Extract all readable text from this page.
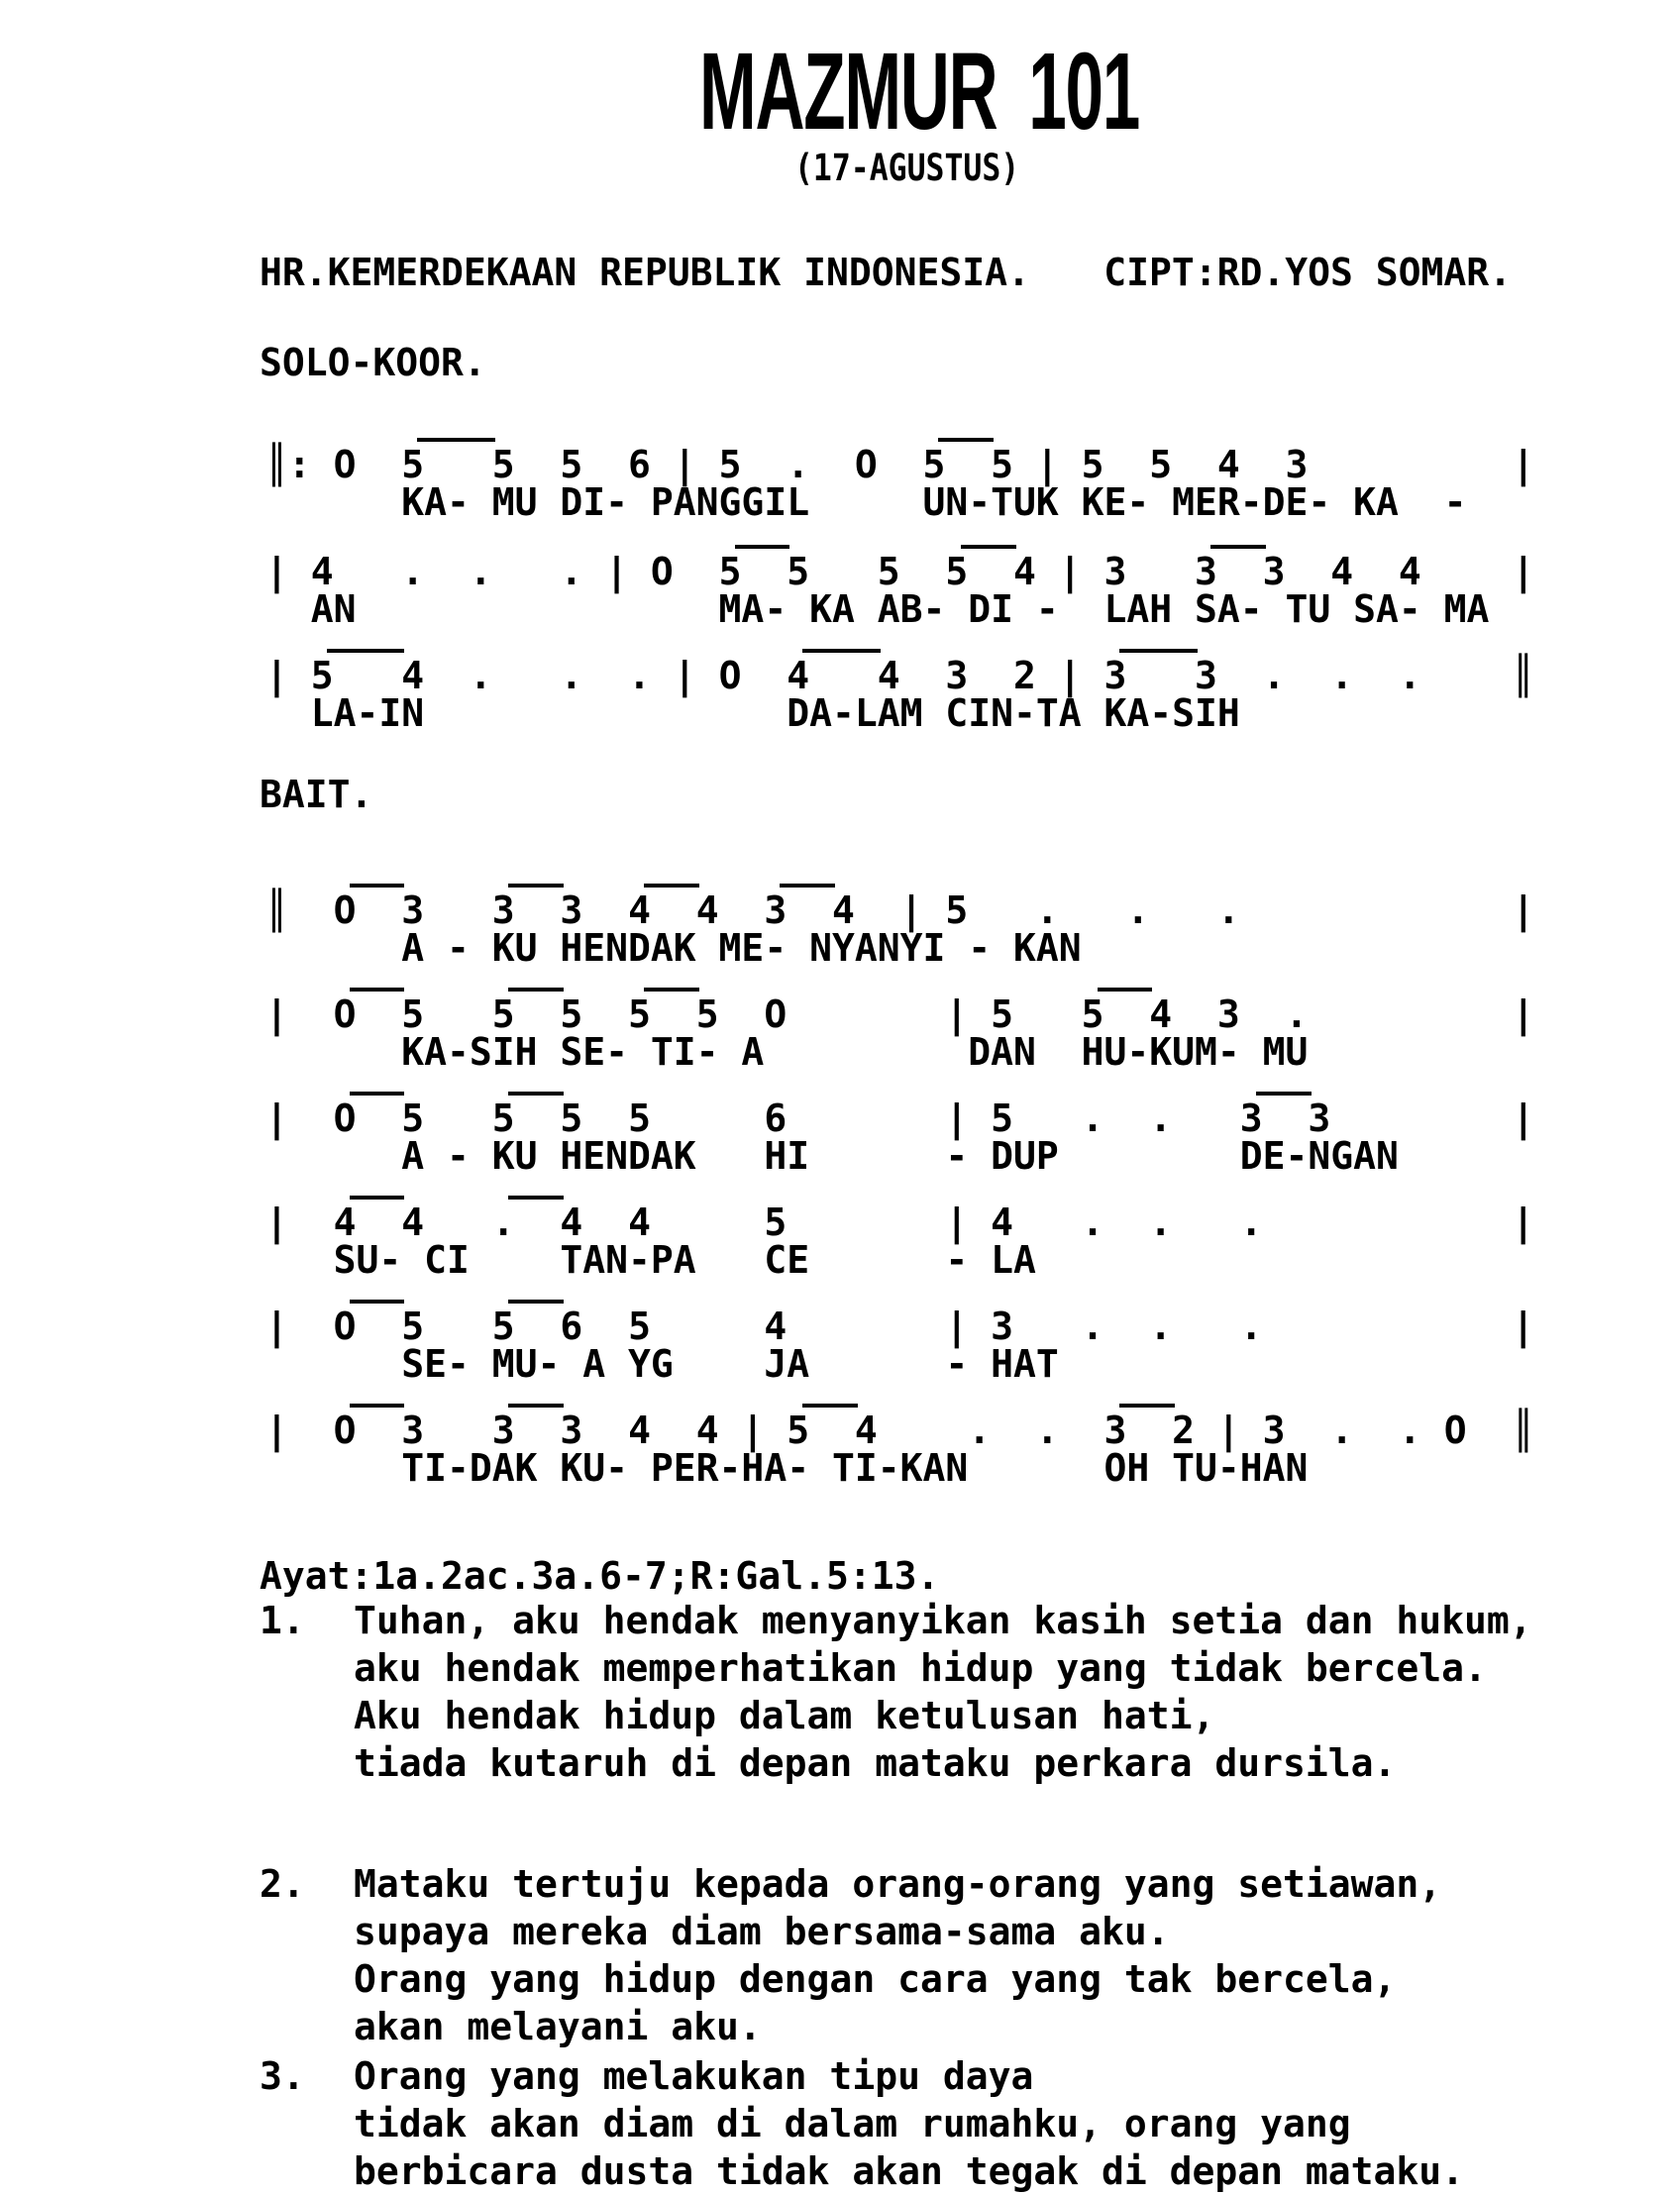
MAZMUR 101
(17-AGUSTUS)
HR.KEMERDEKAAN REPUBLIK INDONESIA. CIPT:RD.YOS SOMAR.
SOLO-KOOR.
║: O  5   5  5  6 | 5  .  O  5  5 | 5  5  4  3         |
KA- MU DI- PANGGIL     UN-TUK KE- MER-DE- KA  -
| 4   .  .   . | O  5  5   5  5  4 | 3   3  3  4  4    |
AN                MA- KA AB- DI -  LAH SA- TU SA- MA
| 5   4  .   .  . | O  4   4  3  2 | 3   3  .  .  .    ║
LA-IN                DA-LAM CIN-TA KA-SIH
BAIT.
║  O  3 3  3 4  4 3  4  | 5   .   .   .            |
A - KU HENDAK ME- NYANYI - KAN
|  O  5 5  5 5  5  O       | 5   5  4  3  .         |
KA-SIH SE- TI- A         DAN  HU-KUM- MU
|  O  5 5  5  5     6       | 5   .  .   3  3        |
A - KU HENDAK   HI      - DUP        DE-NGAN
|  4  4 .  4  4     5       | 4   .  .   .           |
SU- CI    TAN-PA   CE      - LA
|  O  5 5  6  5     4       | 3   .  .   .           |
SE- MU- A YG    JA      - HAT
|  O  3 3  3  4  4 | 5  4    .  .  3  2 | 3  .  . O  ║
TI-DAK KU- PER-HA- TI-KAN      OH TU-HAN
Ayat:1a.2ac.3a.6-7;R:Gal.5:13.
1.	Tuhan, aku hendak menyanyikan kasih setia dan hukum,
aku hendak memperhatikan hidup yang tidak bercela.
Aku hendak hidup dalam ketulusan hati,
tiada kutaruh di depan mataku perkara dursila.
2.	Mataku tertuju kepada orang-orang yang setiawan,
supaya mereka diam bersama-sama aku.
Orang yang hidup dengan cara yang tak bercela,
akan melayani aku.
3.	Orang yang melakukan tipu daya
tidak akan diam di dalam rumahku, orang yang
berbicara dusta tidak akan tegak di depan mataku.
